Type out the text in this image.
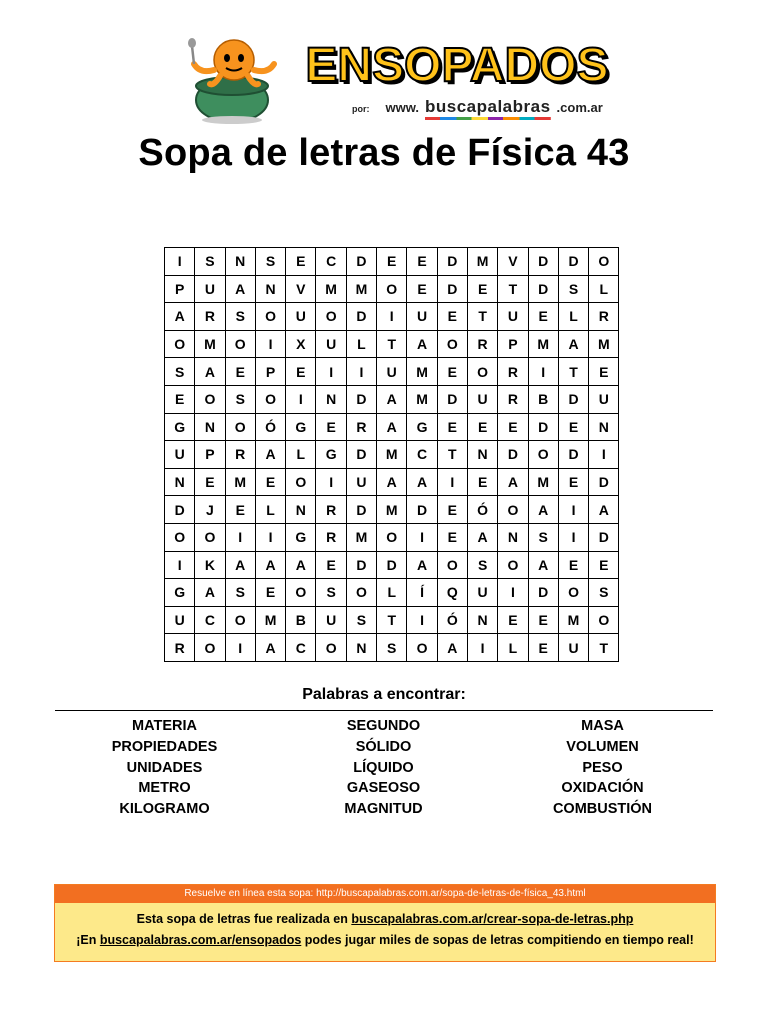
ENSOPADOS
por: www. buscapalabras .com.ar
Sopa de letras de Física 43
I	S	N	S	E	C	D	E	E	D	M	V	D	D	O
P	U	A	N	V	M	M	O	E	D	E	T	D	S	L
A	R	S	O	U	O	D	I	U	E	T	U	E	L	R
O	M	O	I	X	U	L	T	A	O	R	P	M	A	M
S	A	E	P	E	I	I	U	M	E	O	R	I	T	E
E	O	S	O	I	N	D	A	M	D	U	R	B	D	U
G	N	O	Ó	G	E	R	A	G	E	E	E	D	E	N
U	P	R	A	L	G	D	M	C	T	N	D	O	D	I
N	E	M	E	O	I	U	A	A	I	E	A	M	E	D
D	J	E	L	N	R	D	M	D	E	Ó	O	A	I	A
O	O	I	I	G	R	M	O	I	E	A	N	S	I	D
I	K	A	A	A	E	D	D	A	O	S	O	A	E	E
G	A	S	E	O	S	O	L	Í	Q	U	I	D	O	S
U	C	O	M	B	U	S	T	I	Ó	N	E	E	M	O
R	O	I	A	C	O	N	S	O	A	I	L	E	U	T
Palabras a encontrar:
MATERIA
PROPIEDADES
UNIDADES
METRO
KILOGRAMO
SEGUNDO
SÓLIDO
LÍQUIDO
GASEOSO
MAGNITUD
MASA
VOLUMEN
PESO
OXIDACIÓN
COMBUSTIÓN
Resuelve en línea esta sopa: http://buscapalabras.com.ar/sopa-de-letras-de-física_43.html
Esta sopa de letras fue realizada en buscapalabras.com.ar/crear-sopa-de-letras.php
¡En buscapalabras.com.ar/ensopados podes jugar miles de sopas de letras compitiendo en tiempo real!
